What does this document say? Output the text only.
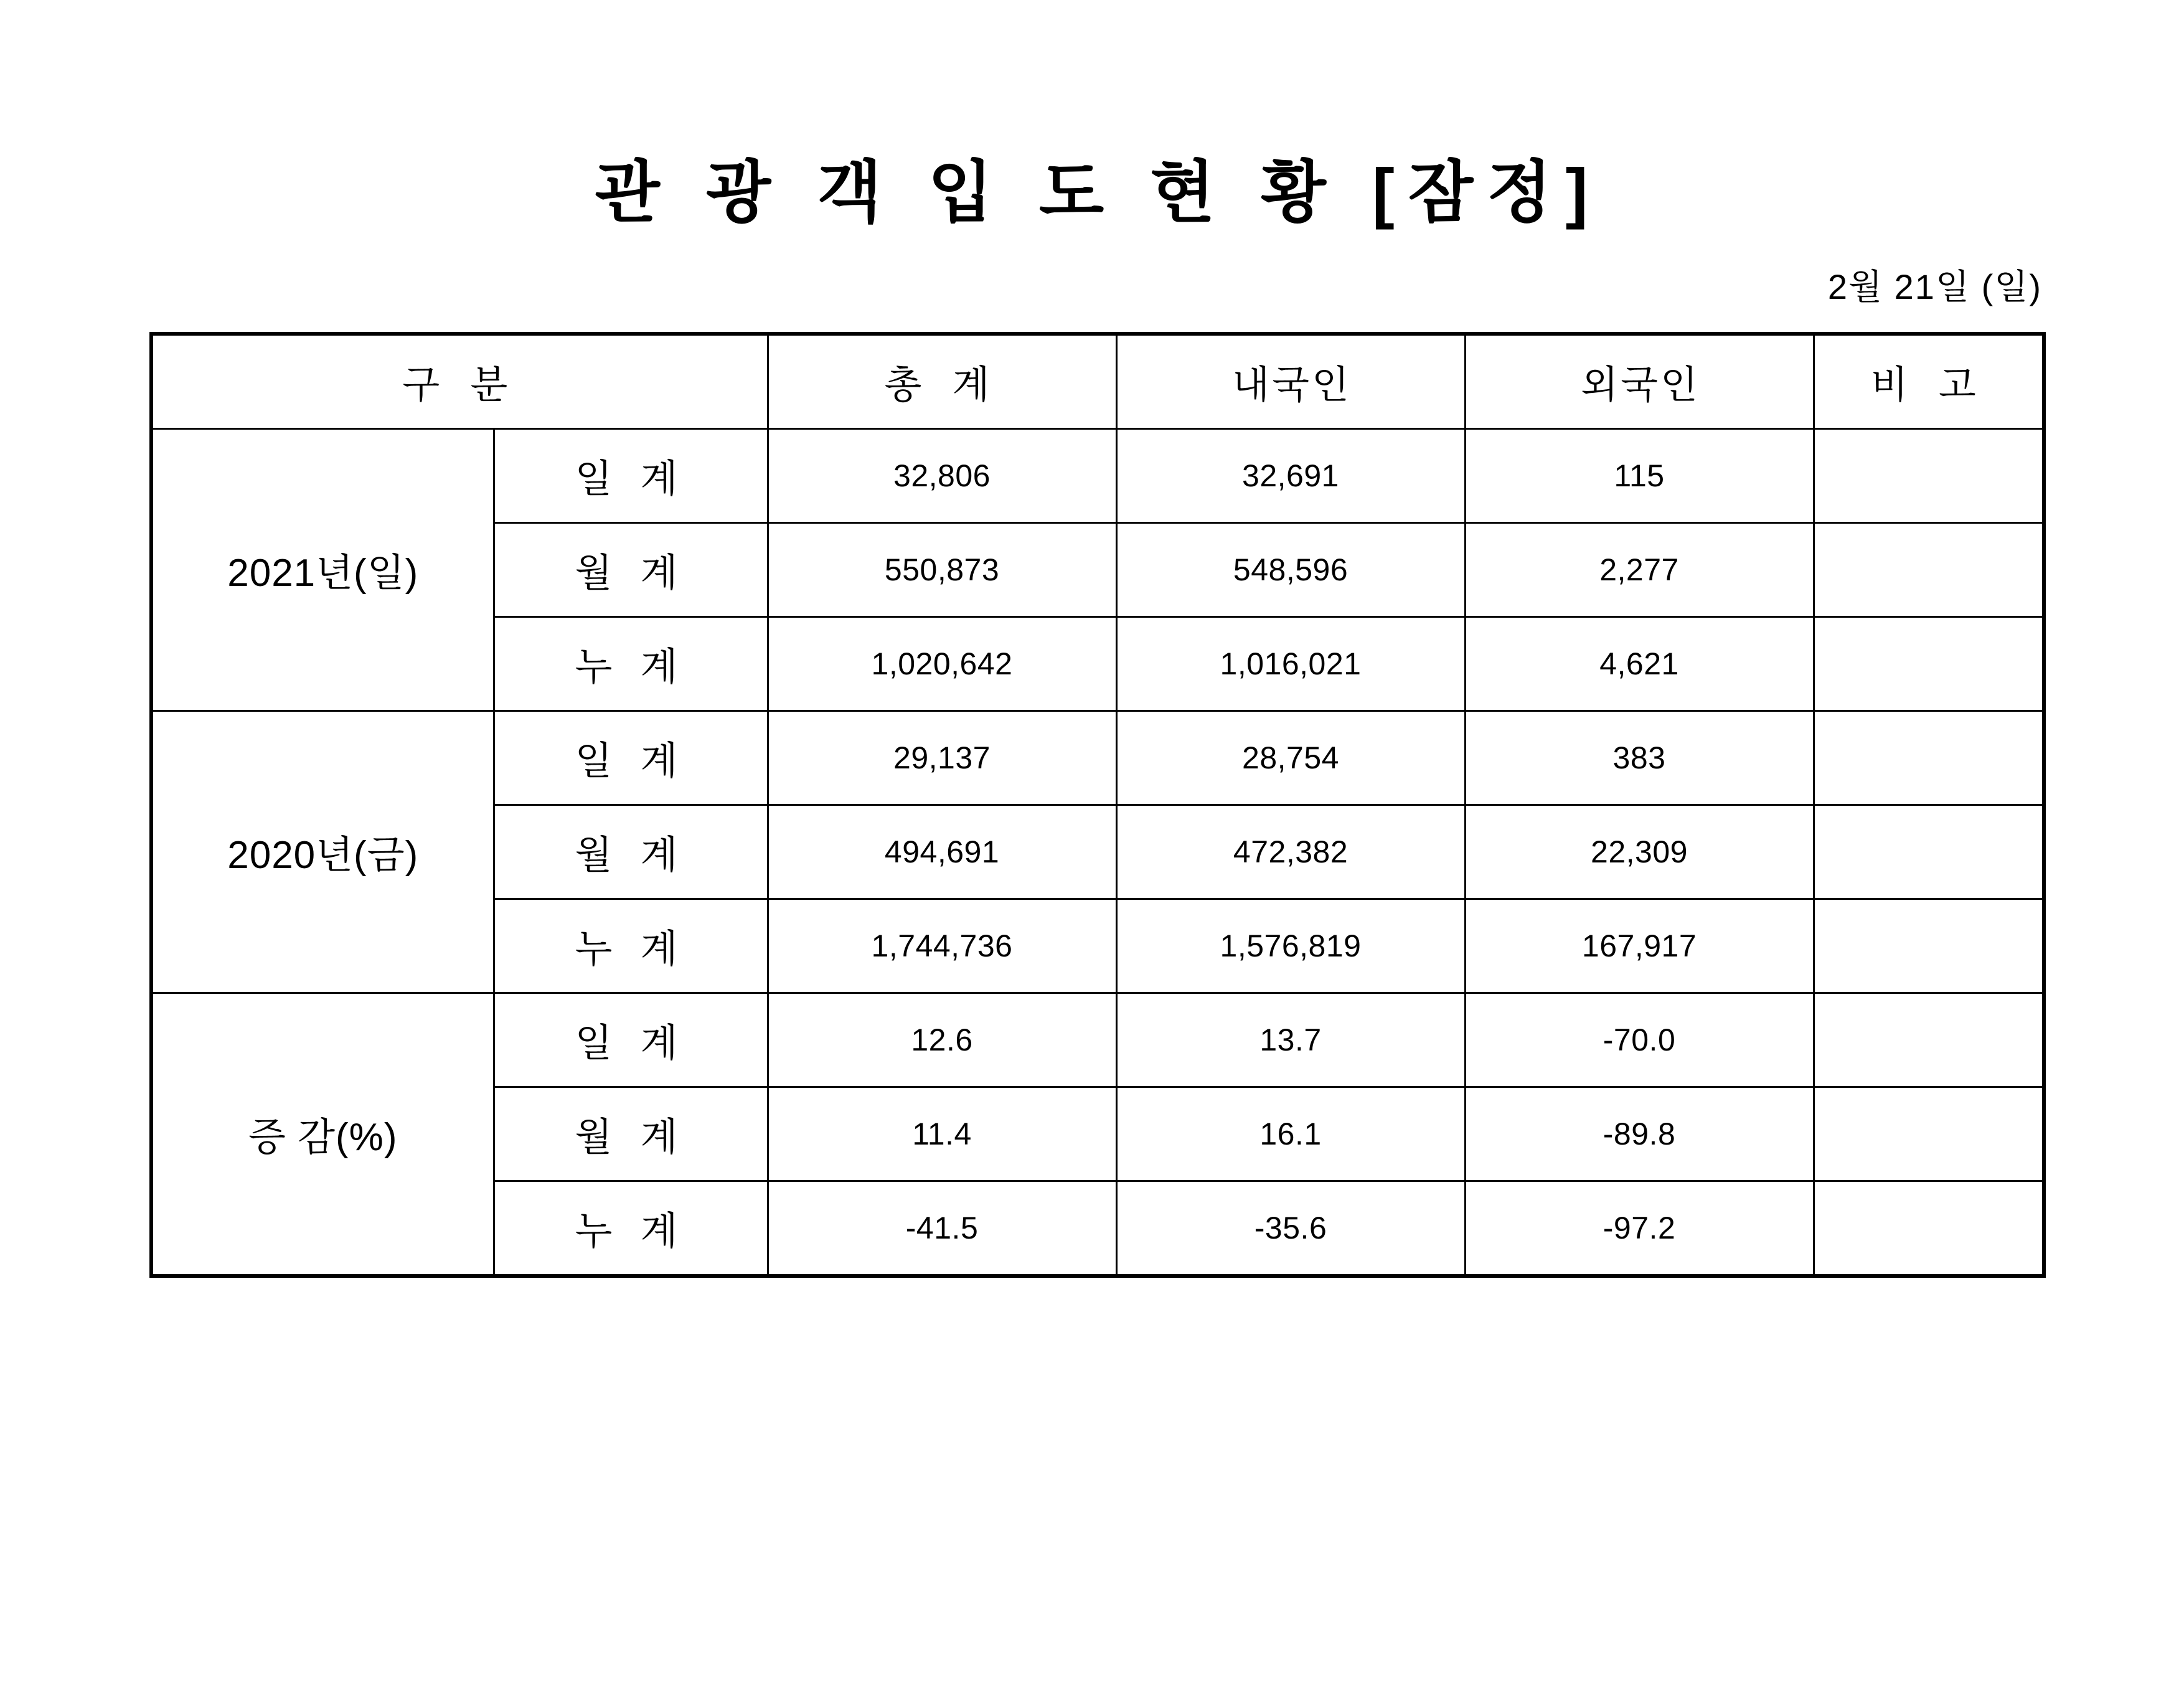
관 광 객 입 도 현 황 [잠정]
2월 21일 (일)
구 분		총 계	내국인	외국인	비 고
2021년(일)	일 계	32,806	32,691	115	
	월 계	550,873	548,596	2,277	
	누 계	1,020,642	1,016,021	4,621	
2020년(금)	일 계	29,137	28,754	383	
	월 계	494,691	472,382	22,309	
	누 계	1,744,736	1,576,819	167,917	
증 감(%)	일 계	12.6	13.7	-70.0	
	월 계	11.4	16.1	-89.8	
	누 계	-41.5	-35.6	-97.2	
